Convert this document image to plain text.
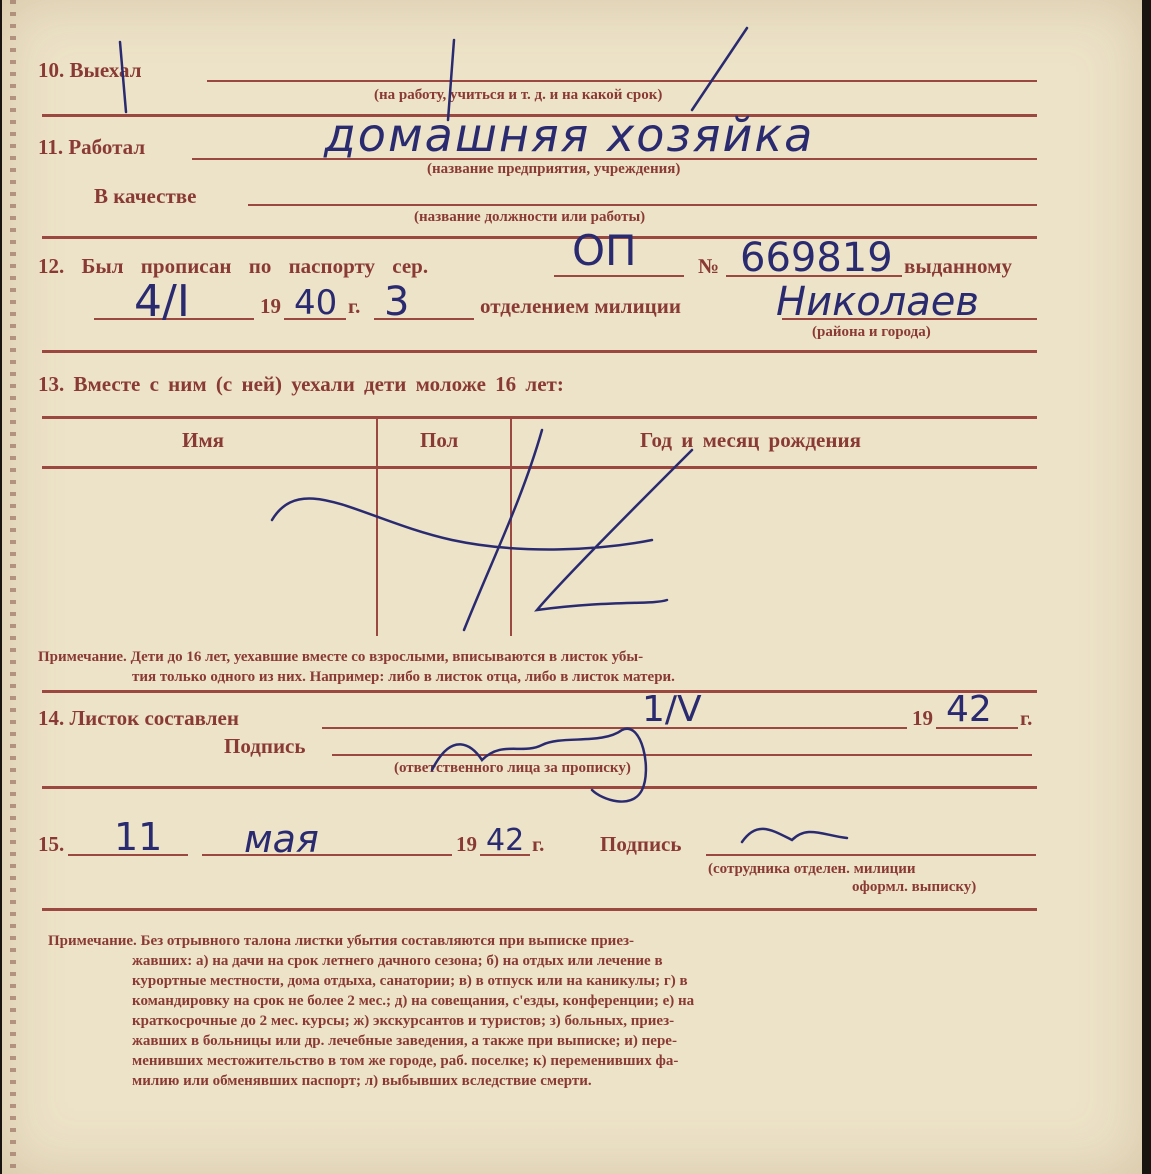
10. Выехал
(на работу, учиться и т. д. и на какой срок)
11. Работал	домашняя хозяйка
(название предприятия, учреждения)
В качестве
(название должности или работы)
12. Был прописан по паспорту сер.	ОП	№ 669819 выданному
4/I	19 40 г. 3	отделением милиции Николаев
(района и города)
13. Вместе с ним (с ней) уехали дети моложе 16 лет:
Имя	Пол	Год и месяц рождения
Примечание. Дети до 16 лет, уехавшие вместе со взрослыми, вписываются в листок убы-
тия только одного из них. Например: либо в листок отца, либо в листок матери.
14. Листок составлен	1/V	19 42 г.
Подпись
(ответственного лица за прописку)
15. 11 мая	19 42 г.	Подпись
(сотрудника отделен. милиции
оформл. выписку)
Примечание. Без отрывного талона листки убытия составляются при выписке приез-
жавших: а) на дачи на срок летнего дачного сезона; б) на отдых или лечение в
курортные местности, дома отдыха, санатории; в) в отпуск или на каникулы; г) в
командировку на срок не более 2 мес.; д) на совещания, с'езды, конференции; е) на
краткосрочные до 2 мес. курсы; ж) экскурсантов и туристов; з) больных, приез-
жавших в больницы или др. лечебные заведения, а также при выписке; и) пере-
менивших местожительство в том же городе, раб. поселке; к) переменивших фа-
милию или обменявших паспорт; л) выбывших вследствие смерти.
